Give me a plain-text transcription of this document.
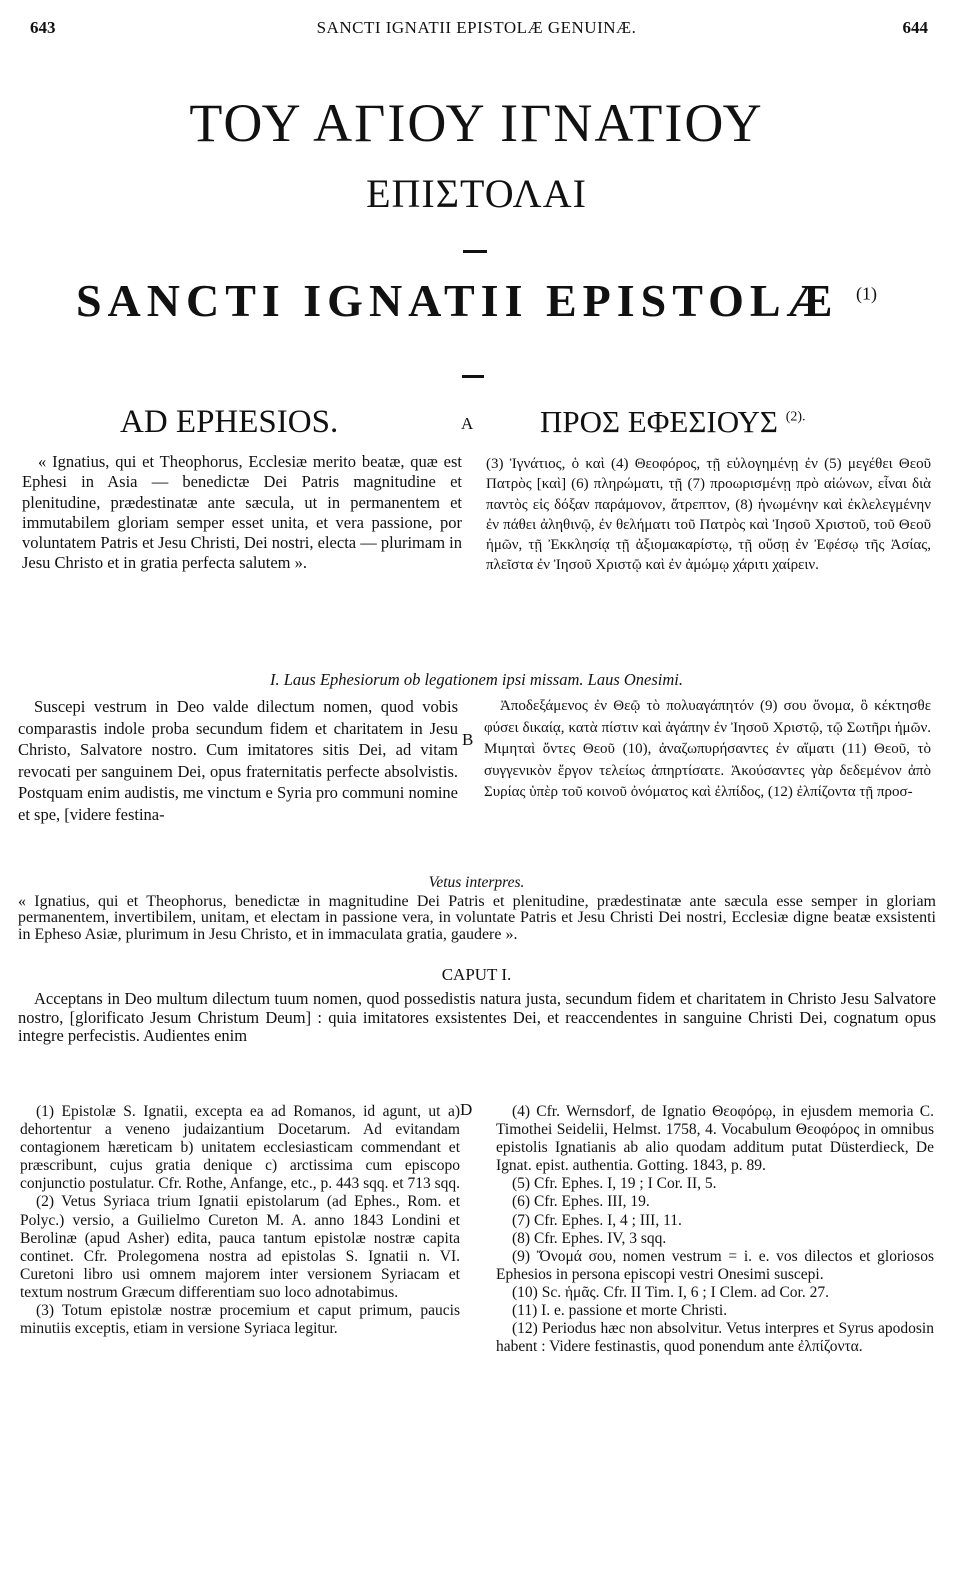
643	SANCTI IGNATII EPISTOLÆ GENUINÆ.	644
ΤΟΥ ΑΓΙΟΥ ΙΓΝΑΤΙΟΥ
ΕΠΙΣΤΟΛΑΙ
SANCTI IGNATII EPISTOLÆ $^{(1)}$
AD EPHESIOS.	A ΠΡΟΣ ΕΦΕΣΙΟΥΣ $^{(2).}$

« Ignatius, qui et Theophorus, Ecclesiæ merito beatæ, quæ est Ephesi in Asia — benedictæ Dei Patris magnitudine et plenitudine, prædestinatæ ante sæcula, ut in permanentem et immutabilem gloriam semper esset unita, et vera passione, por voluntatem Patris et Jesu Christi, Dei nostri, electa — plurimam in Jesu Christo et in gratia perfecta salutem ».

(3) Ἰγνάτιος, ὁ καὶ (4) Θεοφόρος, τῇ εὐλογημένῃ ἐν (5) μεγέθει Θεοῦ Πατρὸς [καὶ] (6) πληρώματι, τῇ (7) προωρισμένῃ πρὸ αἰώνων, εἶναι διὰ παντὸς εἰς δόξαν παράμονον, ἄτρεπτον, (8) ἡνωμένην καὶ ἐκλελεγμένην ἐν πάθει ἀληθινῷ, ἐν θελήματι τοῦ Πατρὸς καὶ Ἰησοῦ Χριστοῦ, τοῦ Θεοῦ ἡμῶν, τῇ Ἐκκλησίᾳ τῇ ἀξιομακαρίστῳ, τῇ οὔσῃ ἐν Ἐφέσῳ τῆς Ἀσίας, πλεῖστα ἐν Ἰησοῦ Χριστῷ καὶ ἐν ἀμώμῳ χάριτι χαίρειν.

I. Laus Ephesiorum ob legationem ipsi missam. Laus Onesimi.

Suscepi vestrum in Deo valde dilectum nomen, quod vobis comparastis indole proba secundum fidem et charitatem in Jesu Christo, Salvatore nostro. Cum imitatores sitis Dei, ad vitam revocati per sanguinem Dei, opus fraternitatis perfecte absolvistis. Postquam enim audistis, me vinctum e Syria pro communi nomine et spe, [videre festina-

B

Ἀποδεξάμενος ἐν Θεῷ τὸ πολυαγάπητόν (9) σου ὄνομα, ὃ κέκτησθε φύσει δικαίᾳ, κατὰ πίστιν καὶ ἀγάπην ἐν Ἰησοῦ Χριστῷ, τῷ Σωτῆρι ἡμῶν. Μιμηταὶ ὄντες Θεοῦ (10), ἀναζωπυρήσαντες ἐν αἵματι (11) Θεοῦ, τὸ συγγενικὸν ἔργον τελείως ἀπηρτίσατε. Ἀκούσαντες γὰρ δεδεμένον ἀπὸ Συρίας ὑπὲρ τοῦ κοινοῦ ὀνόματος καὶ ἐλπίδος, (12) ἐλπίζοντα τῇ προσ-

Vetus interpres.
« Ignatius, qui et Theophorus, benedictæ in magnitudine Dei Patris et plenitudine, prædestinatæ ante sæcula esse semper in gloriam permanentem, invertibilem, unitam, et electam in passione vera, in voluntate Patris et Jesu Christi Dei nostri, Ecclesiæ digne beatæ exsistenti in Epheso Asiæ, plurimum in Jesu Christo, et in immaculata gratia, gaudere ».
CAPUT I.

Acceptans in Deo multum dilectum tuum nomen, quod possedistis natura justa, secundum fidem et charitatem in Christo Jesu Salvatore nostro, [glorificato Jesum Christum Deum] : quia imitatores exsistentes Dei, et reaccendentes in sanguine Christi Dei, cognatum opus integre perfecistis. Audientes enim

(1) Epistolæ S. Ignatii, excepta ea ad Romanos, id agunt, ut a) dehortentur a veneno judaizantium Docetarum. Ad evitandam contagionem hæreticam b) unitatem ecclesiasticam commendant et præscribunt, cujus gratia denique c) arctissima cum episcopo conjunctio postulatur. Cfr. Rothe, Anfange, etc., p. 443 sqq. et 713 sqq.

(2) Vetus Syriaca trium Ignatii epistolarum (ad Ephes., Rom. et Polyc.) versio, a Guilielmo Cureton M. A. anno 1843 Londini et Berolinæ (apud Asher) edita, pauca tantum epistolæ nostræ capita continet. Cfr. Prolegomena nostra ad epistolas S. Ignatii n. VI. Curetoni libro usi omnem majorem inter versionem Syriacam et textum nostrum Græcum differentiam suo loco adnotabimus.

(3) Totum epistolæ nostræ procemium et caput primum, paucis minutiis exceptis, etiam in versione Syriaca legitur.

D	(4) Cfr. Wernsdorf, de Ignatio Θεοφόρῳ, in ejusdem memoria C. Timothei Seidelii, Helmst. 1758, 4. Vocabulum Θεοφόρος in omnibus epistolis Ignatianis ab alio quodam additum putat Düsterdieck, De Ignat. epist. authentia. Gotting. 1843, p. 89.

(5) Cfr. Ephes. I, 19 ; I Cor. II, 5.

(6) Cfr. Ephes. III, 19.

(7) Cfr. Ephes. I, 4 ; III, 11.

(8) Cfr. Ephes. IV, 3 sqq.

(9) Ὄνομά σου, nomen vestrum = i. e. vos dilectos et gloriosos Ephesios in persona episcopi vestri Onesimi suscepi.

(10) Sc. ἡμᾶς. Cfr. II Tim. I, 6 ; I Clem. ad Cor. 27.

(11) I. e. passione et morte Christi.

(12) Periodus hæc non absolvitur. Vetus interpres et Syrus apodosin habent : Videre festinastis, quod ponendum ante ἐλπίζοντα.
